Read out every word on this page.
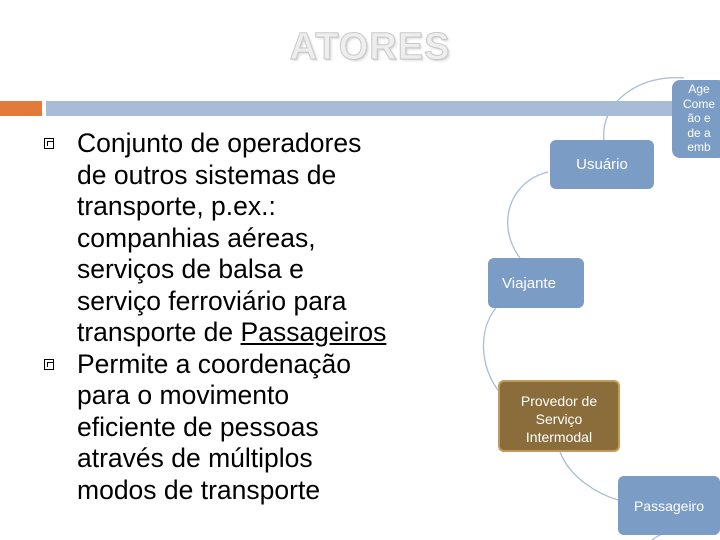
ATORES
Conjunto de operadores
de outros sistemas de
transporte, p.ex.:
companhias aéreas,
serviços de balsa e
serviço ferroviário para
transporte de Passageiros
Permite a coordenação
para o movimento
eficiente de pessoas
através de múltiplos
modos de transporte
Age
Come
ão e
de a
emb
Usuário
Viajante
Provedor de
Serviço
Intermodal
Passageiro
